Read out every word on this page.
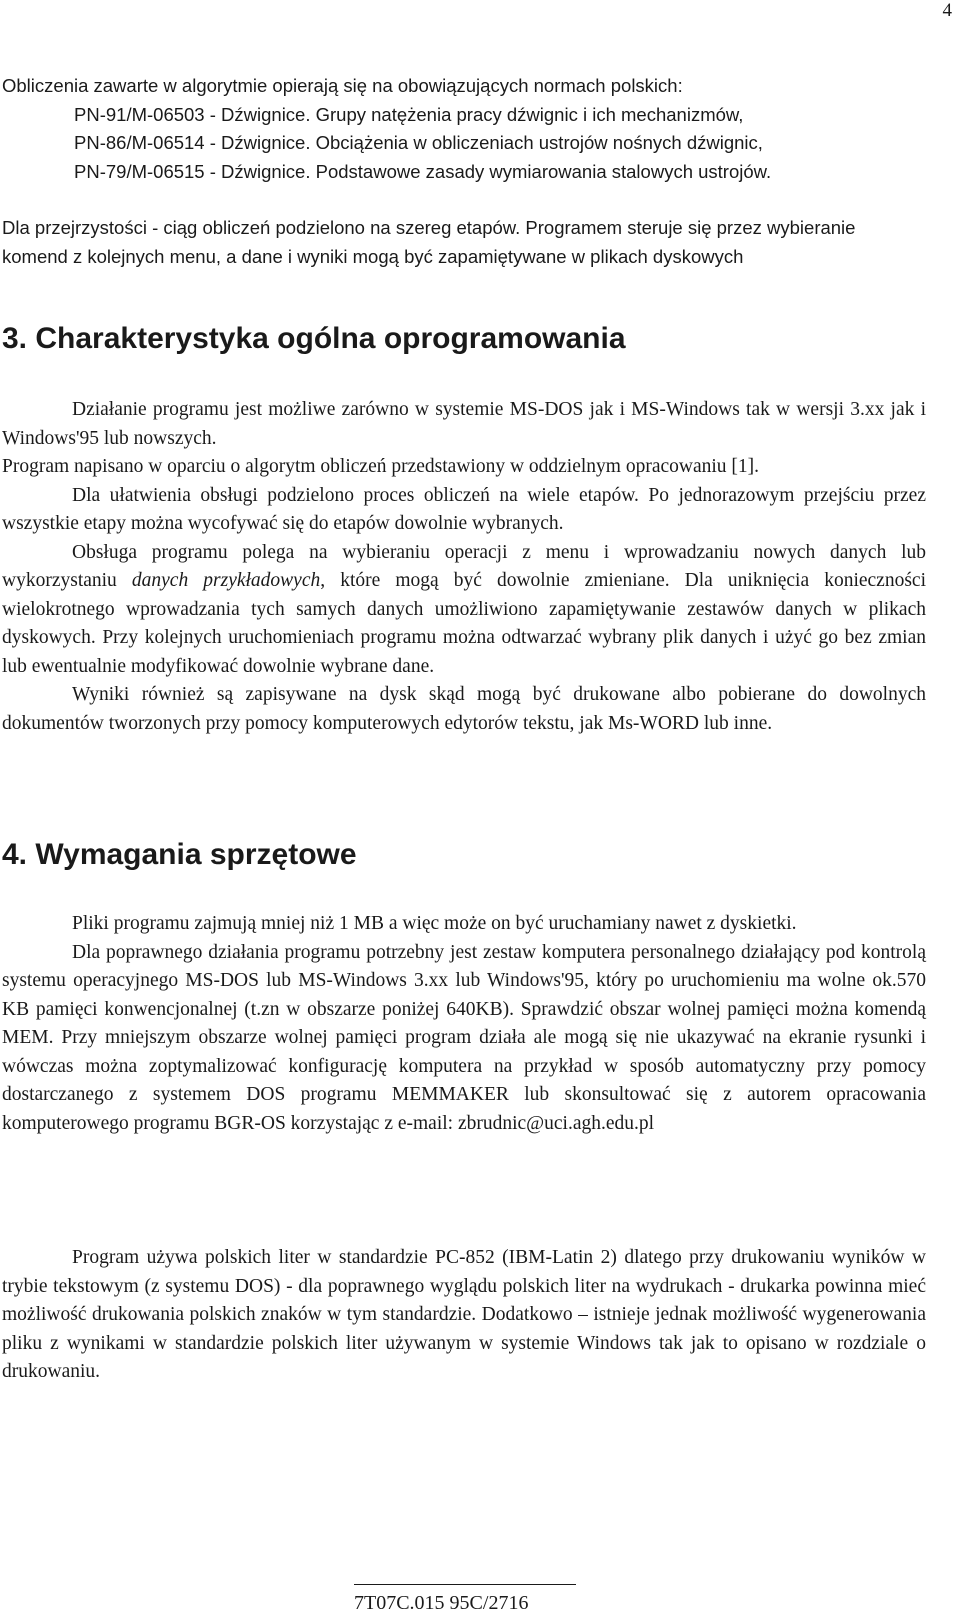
4

Obliczenia zawarte w algorytmie opierają się na obowiązujących normach polskich:

PN-91/M-06503 - Dźwignice. Grupy natężenia pracy dźwignic i ich mechanizmów,

PN-86/M-06514 - Dźwignice. Obciążenia w obliczeniach ustrojów nośnych dźwignic,

PN-79/M-06515 - Dźwignice. Podstawowe zasady wymiarowania stalowych ustrojów.

Dla przejrzystości - ciąg obliczeń podzielono na szereg etapów. Programem steruje się przez wybieranie komend z kolejnych menu, a dane i wyniki mogą być zapamiętywane w plikach dyskowych

3. Charakterystyka ogólna oprogramowania

Działanie programu jest możliwe zarówno w systemie MS-DOS jak i MS-Windows tak w wersji 3.xx jak i Windows'95 lub nowszych.

Program napisano w oparciu o algorytm obliczeń przedstawiony w oddzielnym opracowaniu [1].

Dla ułatwienia obsługi podzielono proces obliczeń na wiele etapów. Po jednorazowym przejściu przez wszystkie etapy można wycofywać się do etapów dowolnie wybranych.

Obsługa programu polega na wybieraniu operacji z menu i wprowadzaniu nowych danych lub wykorzystaniu danych przykładowych, które mogą być dowolnie zmieniane. Dla uniknięcia konieczności wielokrotnego wprowadzania tych samych danych umożliwiono zapamiętywanie zestawów danych w plikach dyskowych. Przy kolejnych uruchomieniach programu można odtwarzać wybrany plik danych i użyć go bez zmian lub ewentualnie modyfikować dowolnie wybrane dane.

Wyniki również są zapisywane na dysk skąd mogą być drukowane albo pobierane do dowolnych dokumentów tworzonych przy pomocy komputerowych edytorów tekstu, jak Ms-WORD lub inne.

4. Wymagania sprzętowe

Pliki programu zajmują mniej niż 1 MB a więc może on być uruchamiany nawet z dyskietki.

Dla poprawnego działania programu potrzebny jest zestaw komputera personalnego działający pod kontrolą systemu operacyjnego MS-DOS lub MS-Windows 3.xx lub Windows'95, który po uruchomieniu ma wolne ok.570 KB pamięci konwencjonalnej (t.zn w obszarze poniżej 640KB). Sprawdzić obszar wolnej pamięci można komendą MEM. Przy mniejszym obszarze wolnej pamięci program działa ale mogą się nie ukazywać na ekranie rysunki i wówczas można zoptymalizować konfigurację komputera na przykład w sposób automatyczny przy pomocy dostarczanego z systemem DOS programu MEMMAKER lub skonsultować się z autorem opracowania komputerowego programu BGR-OS korzystając z e-mail: zbrudnic@uci.agh.edu.pl

Program używa polskich liter w standardzie PC-852 (IBM-Latin 2) dlatego przy drukowaniu wyników w trybie tekstowym (z systemu DOS) - dla poprawnego wyglądu polskich liter na wydrukach - drukarka powinna mieć możliwość drukowania polskich znaków w tym standardzie. Dodatkowo – istnieje jednak możliwość wygenerowania pliku z wynikami w standardzie polskich liter używanym w systemie Windows tak jak to opisano w rozdziale o drukowaniu.

7T07C.015 95C/2716
